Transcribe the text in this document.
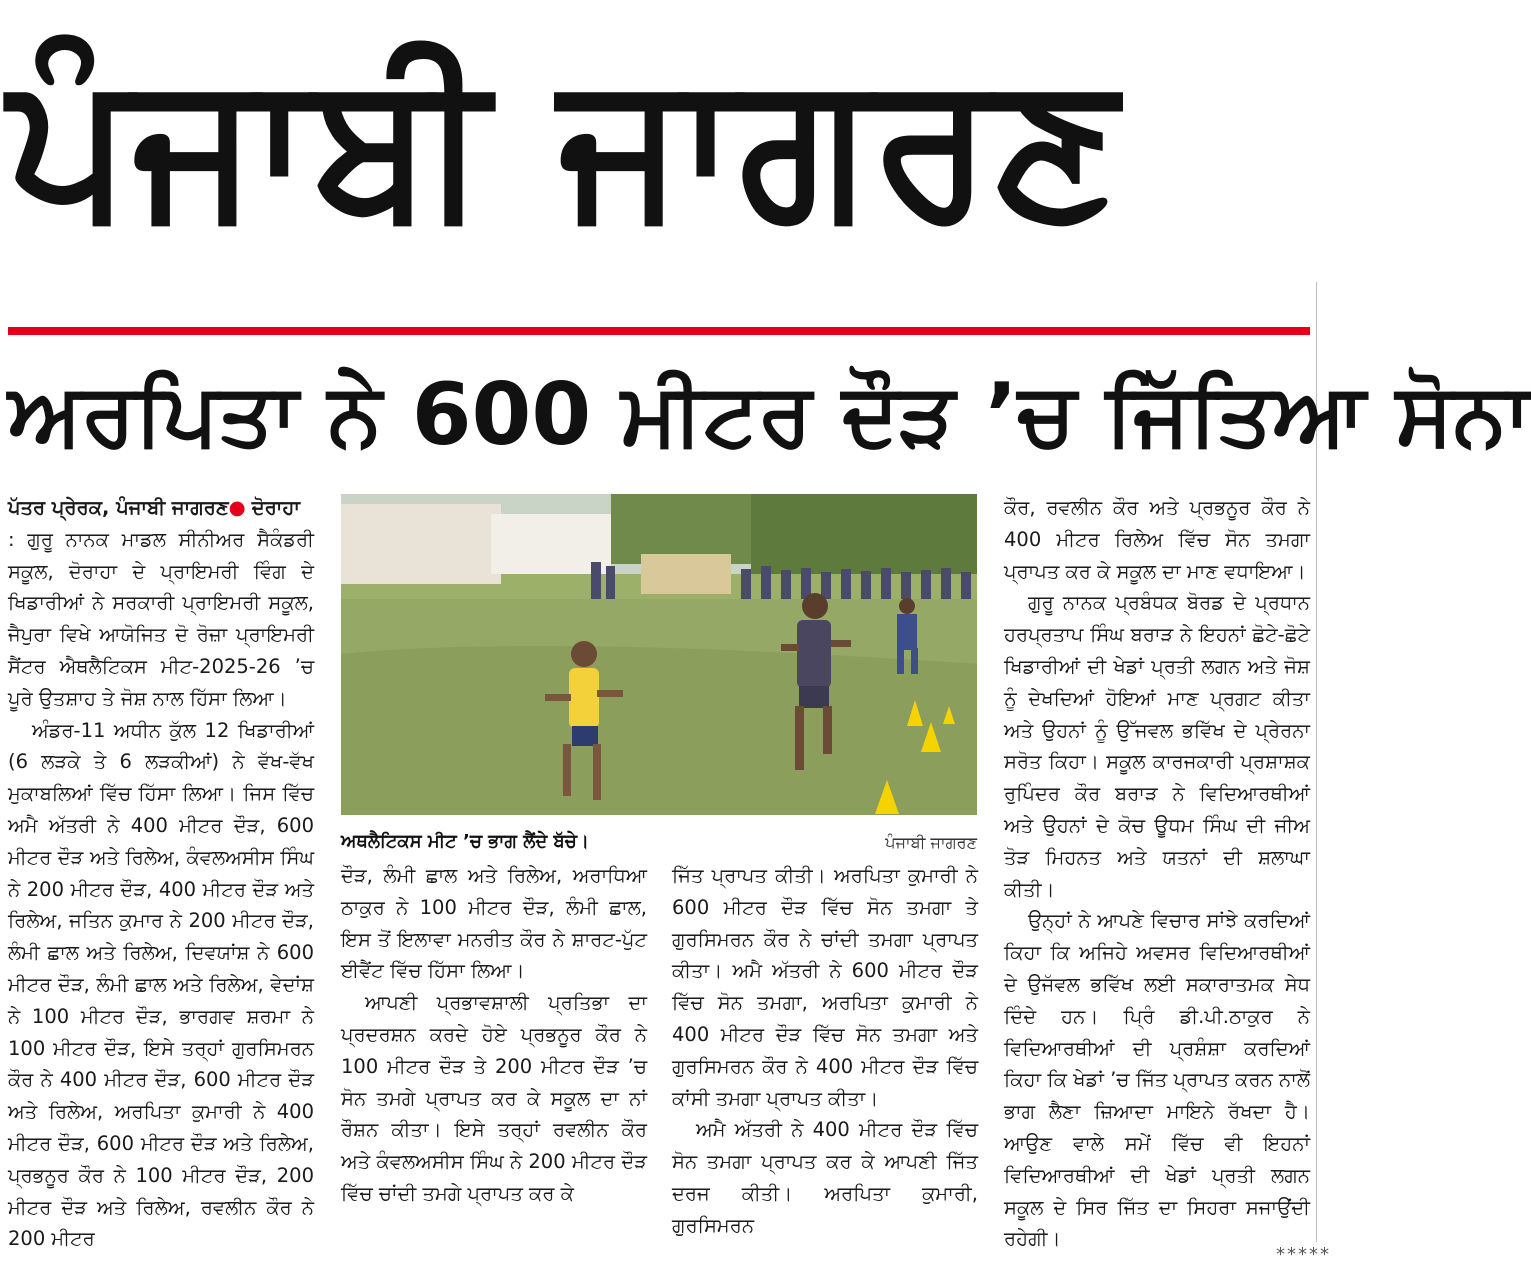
ਪੰਜਾਬੀ ਜਾਗਰਣ

ਅਰਪਿਤਾ ਨੇ 600 ਮੀਟਰ ਦੌੜ ’ਚ ਜਿੱਤਿਆ ਸੋਨਾ

ਪੱਤਰ ਪ੍ਰੇਰਕ, ਪੰਜਾਬੀ ਜਾਗਰਣ● ਦੋਰਾਹਾ

: ਗੁਰੂ ਨਾਨਕ ਮਾਡਲ ਸੀਨੀਅਰ ਸੈਕੰਡਰੀ ਸਕੂਲ, ਦੋਰਾਹਾ ਦੇ ਪ੍ਰਾਇਮਰੀ ਵਿੰਗ ਦੇ ਖਿਡਾਰੀਆਂ ਨੇ ਸਰਕਾਰੀ ਪ੍ਰਾਇਮਰੀ ਸਕੂਲ, ਜੈਪੁਰਾ ਵਿਖੇ ਆਯੋਜਿਤ ਦੋ ਰੋਜ਼ਾ ਪ੍ਰਾਇਮਰੀ ਸੈਂਟਰ ਐਥਲੈਟਿਕਸ ਮੀਟ-2025-26 ’ਚ ਪੂਰੇ ਉਤਸ਼ਾਹ ਤੇ ਜੋਸ਼ ਨਾਲ ਹਿੱਸਾ ਲਿਆ।

ਅੰਡਰ-11 ਅਧੀਨ ਕੁੱਲ 12 ਖਿਡਾਰੀਆਂ (6 ਲੜਕੇ ਤੇ 6 ਲੜਕੀਆਂ) ਨੇ ਵੱਖ-ਵੱਖ ਮੁਕਾਬਲਿਆਂ ਵਿੱਚ ਹਿੱਸਾ ਲਿਆ। ਜਿਸ ਵਿੱਚ ਅਮੈ ਅੱਤਰੀ ਨੇ 400 ਮੀਟਰ ਦੌੜ, 600 ਮੀਟਰ ਦੌੜ ਅਤੇ ਰਿਲੇਅ, ਕੰਵਲਅਸੀਸ ਸਿੰਘ ਨੇ 200 ਮੀਟਰ ਦੌੜ, 400 ਮੀਟਰ ਦੌੜ ਅਤੇ ਰਿਲੇਅ, ਜਤਿਨ ਕੁਮਾਰ ਨੇ 200 ਮੀਟਰ ਦੌੜ, ਲੰਮੀ ਛਾਲ ਅਤੇ ਰਿਲੇਅ, ਦਿਵਯਾਂਸ਼ ਨੇ 600 ਮੀਟਰ ਦੌੜ, ਲੰਮੀ ਛਾਲ ਅਤੇ ਰਿਲੇਅ, ਵੇਦਾਂਸ਼ ਨੇ 100 ਮੀਟਰ ਦੌੜ, ਭਾਰਗਵ ਸ਼ਰਮਾ ਨੇ 100 ਮੀਟਰ ਦੌੜ, ਇਸੇ ਤਰ੍ਹਾਂ ਗੁਰਸਿਮਰਨ ਕੌਰ ਨੇ 400 ਮੀਟਰ ਦੌੜ, 600 ਮੀਟਰ ਦੌੜ ਅਤੇ ਰਿਲੇਅ, ਅਰਪਿਤਾ ਕੁਮਾਰੀ ਨੇ 400 ਮੀਟਰ ਦੌੜ, 600 ਮੀਟਰ ਦੌੜ ਅਤੇ ਰਿਲੇਅ, ਪ੍ਰਭਨੂਰ ਕੌਰ ਨੇ 100 ਮੀਟਰ ਦੌੜ, 200 ਮੀਟਰ ਦੌੜ ਅਤੇ ਰਿਲੇਅ, ਰਵਲੀਨ ਕੌਰ ਨੇ 200 ਮੀਟਰ

ਅਥਲੈਟਿਕਸ ਮੀਟ ’ਚ ਭਾਗ ਲੈਂਦੇ ਬੱਚੇ।	ਪੰਜਾਬੀ ਜਾਗਰਣ

ਦੌੜ, ਲੰਮੀ ਛਾਲ ਅਤੇ ਰਿਲੇਅ, ਅਰਾਧਿਆ ਠਾਕੁਰ ਨੇ 100 ਮੀਟਰ ਦੌੜ, ਲੰਮੀ ਛਾਲ, ਇਸ ਤੋਂ ਇਲਾਵਾ ਮਨਰੀਤ ਕੌਰ ਨੇ ਸ਼ਾਰਟ-ਪੁੱਟ ਈਵੈਂਟ ਵਿੱਚ ਹਿੱਸਾ ਲਿਆ।

ਆਪਣੀ ਪ੍ਰਭਾਵਸ਼ਾਲੀ ਪ੍ਰਤਿਭਾ ਦਾ ਪ੍ਰਦਰਸ਼ਨ ਕਰਦੇ ਹੋਏ ਪ੍ਰਭਨੂਰ ਕੌਰ ਨੇ 100 ਮੀਟਰ ਦੌੜ ਤੇ 200 ਮੀਟਰ ਦੌੜ ’ਚ ਸੋਨ ਤਮਗੇ ਪ੍ਰਾਪਤ ਕਰ ਕੇ ਸਕੂਲ ਦਾ ਨਾਂ ਰੌਸ਼ਨ ਕੀਤਾ। ਇਸੇ ਤਰ੍ਹਾਂ ਰਵਲੀਨ ਕੌਰ ਅਤੇ ਕੰਵਲਅਸੀਸ ਸਿੰਘ ਨੇ 200 ਮੀਟਰ ਦੌੜ ਵਿੱਚ ਚਾਂਦੀ ਤਮਗੇ ਪ੍ਰਾਪਤ ਕਰ ਕੇ

ਜਿੱਤ ਪ੍ਰਾਪਤ ਕੀਤੀ। ਅਰਪਿਤਾ ਕੁਮਾਰੀ ਨੇ 600 ਮੀਟਰ ਦੌੜ ਵਿੱਚ ਸੋਨ ਤਮਗਾ ਤੇ ਗੁਰਸਿਮਰਨ ਕੌਰ ਨੇ ਚਾਂਦੀ ਤਮਗਾ ਪ੍ਰਾਪਤ ਕੀਤਾ। ਅਮੈ ਅੱਤਰੀ ਨੇ 600 ਮੀਟਰ ਦੌੜ ਵਿੱਚ ਸੋਨ ਤਮਗਾ, ਅਰਪਿਤਾ ਕੁਮਾਰੀ ਨੇ 400 ਮੀਟਰ ਦੌੜ ਵਿੱਚ ਸੋਨ ਤਮਗਾ ਅਤੇ ਗੁਰਸਿਮਰਨ ਕੌਰ ਨੇ 400 ਮੀਟਰ ਦੌੜ ਵਿੱਚ ਕਾਂਸੀ ਤਮਗਾ ਪ੍ਰਾਪਤ ਕੀਤਾ।

ਅਮੈ ਅੱਤਰੀ ਨੇ 400 ਮੀਟਰ ਦੌੜ ਵਿੱਚ ਸੋਨ ਤਮਗਾ ਪ੍ਰਾਪਤ ਕਰ ਕੇ ਆਪਣੀ ਜਿੱਤ ਦਰਜ ਕੀਤੀ। ਅਰਪਿਤਾ ਕੁਮਾਰੀ, ਗੁਰਸਿਮਰਨ

ਕੌਰ, ਰਵਲੀਨ ਕੌਰ ਅਤੇ ਪ੍ਰਭਨੂਰ ਕੌਰ ਨੇ 400 ਮੀਟਰ ਰਿਲੇਅ ਵਿੱਚ ਸੋਨ ਤਮਗਾ ਪ੍ਰਾਪਤ ਕਰ ਕੇ ਸਕੂਲ ਦਾ ਮਾਣ ਵਧਾਇਆ।

ਗੁਰੂ ਨਾਨਕ ਪ੍ਰਬੰਧਕ ਬੋਰਡ ਦੇ ਪ੍ਰਧਾਨ ਹਰਪ੍ਰਤਾਪ ਸਿੰਘ ਬਰਾੜ ਨੇ ਇਹਨਾਂ ਛੋਟੇ-ਛੋਟੇ ਖਿਡਾਰੀਆਂ ਦੀ ਖੇਡਾਂ ਪ੍ਰਤੀ ਲਗਨ ਅਤੇ ਜੋਸ਼ ਨੂੰ ਦੇਖਦਿਆਂ ਹੋਇਆਂ ਮਾਣ ਪ੍ਰਗਟ ਕੀਤਾ ਅਤੇ ਉਹਨਾਂ ਨੂੰ ਉੱਜਵਲ ਭਵਿੱਖ ਦੇ ਪ੍ਰੇਰਨਾ ਸਰੋਤ ਕਿਹਾ। ਸਕੂਲ ਕਾਰਜਕਾਰੀ ਪ੍ਰਸ਼ਾਸ਼ਕ ਰੁਪਿੰਦਰ ਕੌਰ ਬਰਾੜ ਨੇ ਵਿਦਿਆਰਥੀਆਂ ਅਤੇ ਉਹਨਾਂ ਦੇ ਕੋਚ ਊਧਮ ਸਿੰਘ ਦੀ ਜੀਅ ਤੋੜ ਮਿਹਨਤ ਅਤੇ ਯਤਨਾਂ ਦੀ ਸ਼ਲਾਘਾ ਕੀਤੀ।

ਉਨ੍ਹਾਂ ਨੇ ਆਪਣੇ ਵਿਚਾਰ ਸਾਂਝੇ ਕਰਦਿਆਂ ਕਿਹਾ ਕਿ ਅਜਿਹੇ ਅਵਸਰ ਵਿਦਿਆਰਥੀਆਂ ਦੇ ਉਜੱਵਲ ਭਵਿੱਖ ਲਈ ਸਕਾਰਾਤਮਕ ਸੇਧ ਦਿੰਦੇ ਹਨ। ਪ੍ਰਿੰ ਡੀ.ਪੀ.ਠਾਕੁਰ ਨੇ ਵਿਦਿਆਰਥੀਆਂ ਦੀ ਪ੍ਰਸ਼ੰਸ਼ਾ ਕਰਦਿਆਂ ਕਿਹਾ ਕਿ ਖੇਡਾਂ ’ਚ ਜਿੱਤ ਪ੍ਰਾਪਤ ਕਰਨ ਨਾਲੋਂ ਭਾਗ ਲੈਣਾ ਜ਼ਿਆਦਾ ਮਾਇਨੇ ਰੱਖਦਾ ਹੈ। ਆਉਣ ਵਾਲੇ ਸਮੇਂ ਵਿੱਚ ਵੀ ਇਹਨਾਂ ਵਿਦਿਆਰਥੀਆਂ ਦੀ ਖੇਡਾਂ ਪ੍ਰਤੀ ਲਗਨ ਸਕੂਲ ਦੇ ਸਿਰ ਜਿੱਤ ਦਾ ਸਿਹਰਾ ਸਜਾਉਂਦੀ ਰਹੇਗੀ।

*****
